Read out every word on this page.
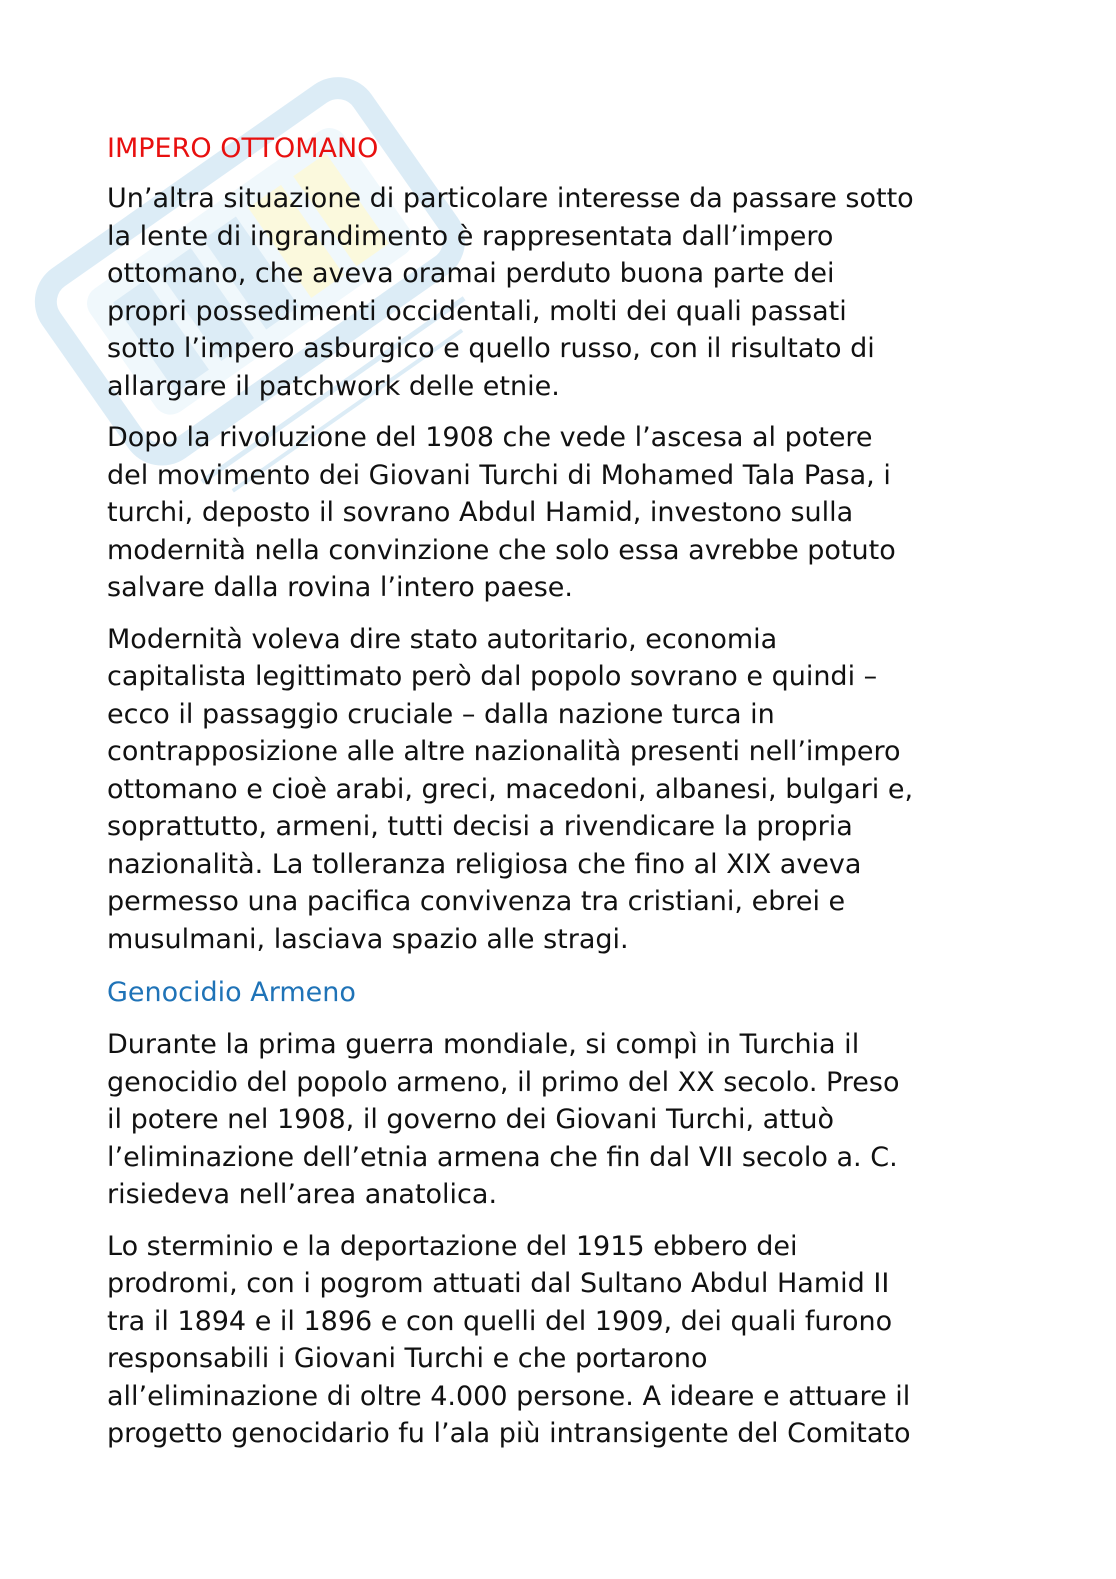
IMPERO OTTOMANO

Un’altra situazione di particolare interesse da passare sotto
la lente di ingrandimento è rappresentata dall’impero
ottomano, che aveva oramai perduto buona parte dei
propri possedimenti occidentali, molti dei quali passati
sotto l’impero asburgico e quello russo, con il risultato di
allargare il patchwork delle etnie.

Dopo la rivoluzione del 1908 che vede l’ascesa al potere
del movimento dei Giovani Turchi di Mohamed Tala Pasa, i
turchi, deposto il sovrano Abdul Hamid, investono sulla
modernità nella convinzione che solo essa avrebbe potuto
salvare dalla rovina l’intero paese.

Modernità voleva dire stato autoritario, economia
capitalista legittimato però dal popolo sovrano e quindi –
ecco il passaggio cruciale – dalla nazione turca in
contrapposizione alle altre nazionalità presenti nell’impero
ottomano e cioè arabi, greci, macedoni, albanesi, bulgari e,
soprattutto, armeni, tutti decisi a rivendicare la propria
nazionalità. La tolleranza religiosa che fino al XIX aveva
permesso una pacifica convivenza tra cristiani, ebrei e
musulmani, lasciava spazio alle stragi.

Genocidio Armeno

Durante la prima guerra mondiale, si compì in Turchia il
genocidio del popolo armeno, il primo del XX secolo. Preso
il potere nel 1908, il governo dei Giovani Turchi, attuò
l’eliminazione dell’etnia armena che fin dal VII secolo a. C.
risiedeva nell’area anatolica.

Lo sterminio e la deportazione del 1915 ebbero dei
prodromi, con i pogrom attuati dal Sultano Abdul Hamid II
tra il 1894 e il 1896 e con quelli del 1909, dei quali furono
responsabili i Giovani Turchi e che portarono
all’eliminazione di oltre 4.000 persone. A ideare e attuare il
progetto genocidario fu l’ala più intransigente del Comitato
